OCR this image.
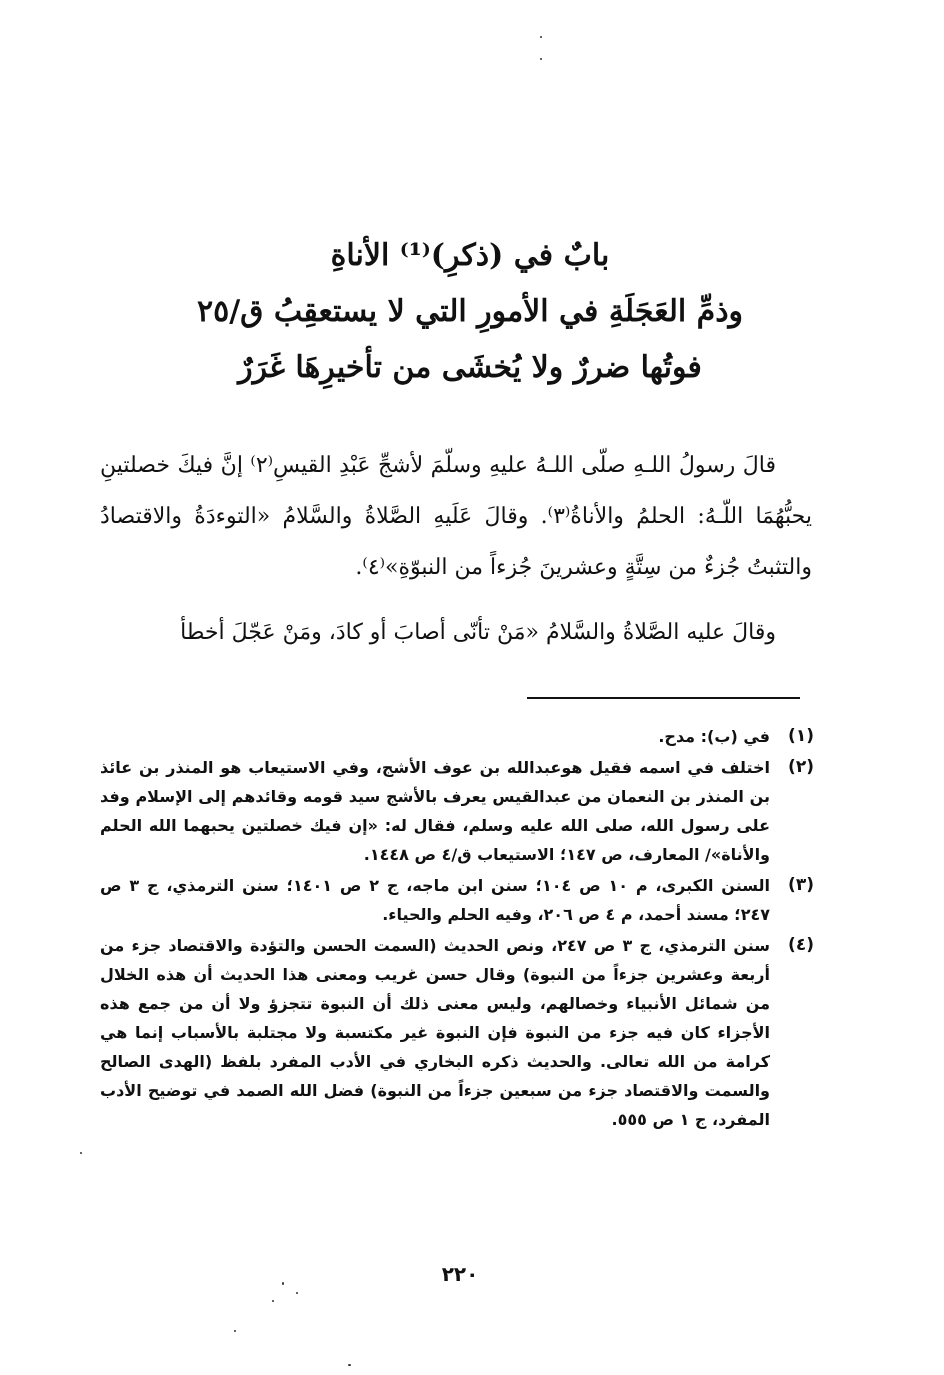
بابٌ في (ذكرِ)⁽¹⁾ الأناةِ
وذمِّ العَجَلَةِ في الأمورِ التي لا يستعقِبُ ق/٢٥
فوتُها ضررٌ ولا يُخشَى من تأخيرِهَا غَرَرٌ

قالَ رسولُ اللـهِ صلّى اللـهُ عليهِ وسلّمَ لأشجِّ عَبْدِ القيسِ⁽٢⁾ إنَّ فيكَ خصلتينِ يحبُّهُمَا اللّـهُ: الحلمُ والأناةُ⁽٣⁾. وقالَ عَلَيهِ الصَّلاةُ والسَّلامُ «التوءدَةُ والاقتصادُ والتثبتُ جُزءٌ من سِتَّةٍ وعشرينَ جُزءاً من النبوّةِ»⁽٤⁾.

وقالَ عليه الصَّلاةُ والسَّلامُ «مَنْ تأنّى أصابَ أو كادَ، ومَنْ عَجّلَ أخطأ

(١)
في (ب): مدح.
(٢)
اختلف في اسمه فقيل هوعبدالله بن عوف الأشج، وفي الاستيعاب هو المنذر بن عائذ بن المنذر بن النعمان من عبدالقيس يعرف بالأشج سيد قومه وقائدهم إلى الإسلام وفد على رسول الله، صلى الله عليه وسلم، فقال له: «إن فيك خصلتين يحبهما الله الحلم والأناة»/ المعارف، ص ١٤٧؛ الاستيعاب ق/٤ ص ١٤٤٨.
(٣)
السنن الكبرى، م ١٠ ص ١٠٤؛ سنن ابن ماجه، ج ٢ ص ١٤٠١؛ سنن الترمذي، ج ٣ ص ٢٤٧؛ مسند أحمد، م ٤ ص ٢٠٦، وفيه الحلم والحياء.
(٤)
سنن الترمذي، ج ٣ ص ٢٤٧، ونص الحديث (السمت الحسن والتؤدة والاقتصاد جزء من أربعة وعشرين جزءاً من النبوة) وقال حسن غريب ومعنى هذا الحديث أن هذه الخلال من شمائل الأنبياء وخصالهم، وليس معنى ذلك أن النبوة تتجزؤ ولا أن من جمع هذه الأجزاء كان فيه جزء من النبوة فإن النبوة غير مكتسبة ولا مجتلبة بالأسباب إنما هي كرامة من الله تعالى. والحديث ذكره البخاري في الأدب المفرد بلفظ (الهدى الصالح والسمت والاقتصاد جزء من سبعين جزءاً من النبوة) فضل الله الصمد في توضيح الأدب المفرد، ج ١ ص ٥٥٥.
٢٢٠
